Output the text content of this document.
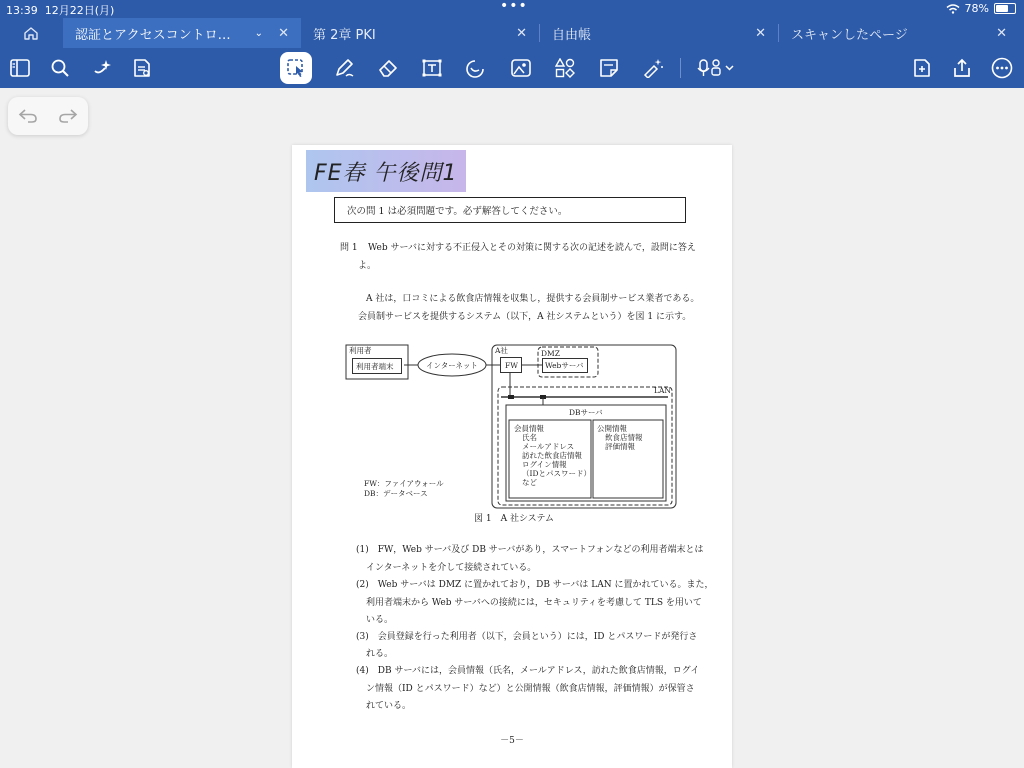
13:39 12月22日(月)	•••	78%
認証とアクセスコントロ… ⌄ ✕ 第 2章 PKI	✕ 自由帳	✕ スキャンしたページ	✕
FE春 午後問1
次の問 1 は必須問題です。必ず解答してください。
問 1 Web サーバに対する不正侵入とその対策に関する次の記述を読んで，設問に答え
よ。
A 社は，口コミによる飲食店情報を収集し，提供する会員制サービス業者である。
会員制サービスを提供するシステム（以下，A 社システムという）を図 1 に示す。
利用者
利用者端末	インターネット
A社	DMZ
FW	Webサーバ
LAN
DBサーバ
会員情報
氏名
メールアドレス
訪れた飲食店情報
ログイン情報
（IDとパスワード）
など
公開情報
飲食店情報
評価情報
FW：ファイアウォール
DB：データベース
図 1　A 社システム
(1)　FW，Web サーバ及び DB サーバがあり，スマートフォンなどの利用者端末とは
インターネットを介して接続されている。
(2)　Web サーバは DMZ に置かれており，DB サーバは LAN に置かれている。また，
利用者端末から Web サーバへの接続には，セキュリティを考慮して TLS を用いて
いる。
(3)　会員登録を行った利用者（以下，会員という）には，ID とパスワードが発行さ
れる。
(4)　DB サーバには，会員情報（氏名，メールアドレス，訪れた飲食店情報，ログイ
ン情報（ID とパスワード）など）と公開情報（飲食店情報，評価情報）が保管さ
れている。
－5－
